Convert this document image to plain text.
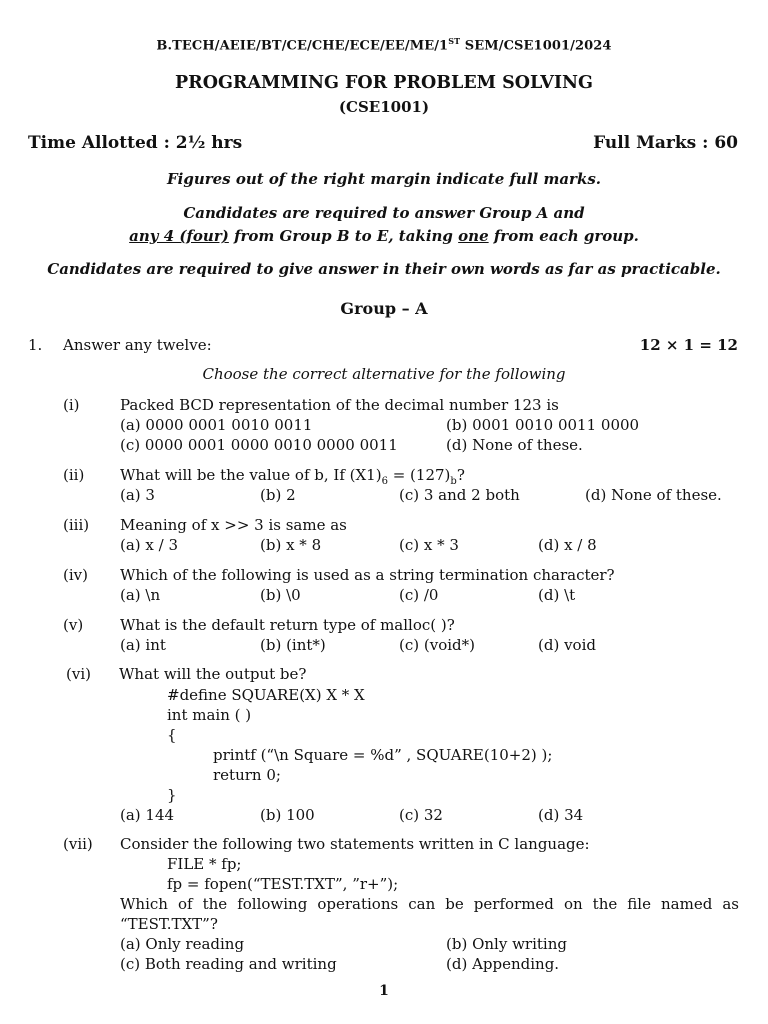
B.TECH/AEIE/BT/CE/CHE/ECE/EE/ME/1ST SEM/CSE1001/2024
PROGRAMMING FOR PROBLEM SOLVING
(CSE1001)
Time Allotted : 2½ hrs	Full Marks : 60
Figures out of the right margin indicate full marks.
Candidates are required to answer Group A and
any 4 (four) from Group B to E, taking one from each group.
Candidates are required to give answer in their own words as far as practicable.
Group – A
1. Answer any twelve:	12 × 1 = 12
Choose the correct alternative for the following
(i)	Packed BCD representation of the decimal number 123 is
(a) 0000 0001 0010 0011	(b) 0001 0010 0011 0000
(c) 0000 0001 0000 0010 0000 0011	(d) None of these.
(ii) What will be the value of b, If $(X1)_6 = (127)_b$?
(a) 3	(b) 2	(c) 3 and 2 both	(d) None of these.
(iii) Meaning of x >> 3 is same as
(a) x / 3	(b) x * 8	(c) x * 3	(d) x / 8
(iv) Which of the following is used as a string termination character?
(a) \n	(b) \0	(c) /0	(d) \t
(v) What is the default return type of malloc( )?
(a) int	(b) (int*)	(c) (void*)	(d) void
(vi) What will the output be?
#define SQUARE(X) X * X
int main ( )
{
printf (“\n Square = %d” , SQUARE(10+2) );
return 0;
}
(a) 144	(b) 100	(c) 32	(d) 34
(vii) Consider the following two statements written in C language:
FILE * fp;
fp = fopen(“TEST.TXT”, ”r+”);
Which of the following operations can be performed on the file named as
“TEST.TXT”?
(a) Only reading	(b) Only writing
(c) Both reading and writing	(d) Appending.
1
